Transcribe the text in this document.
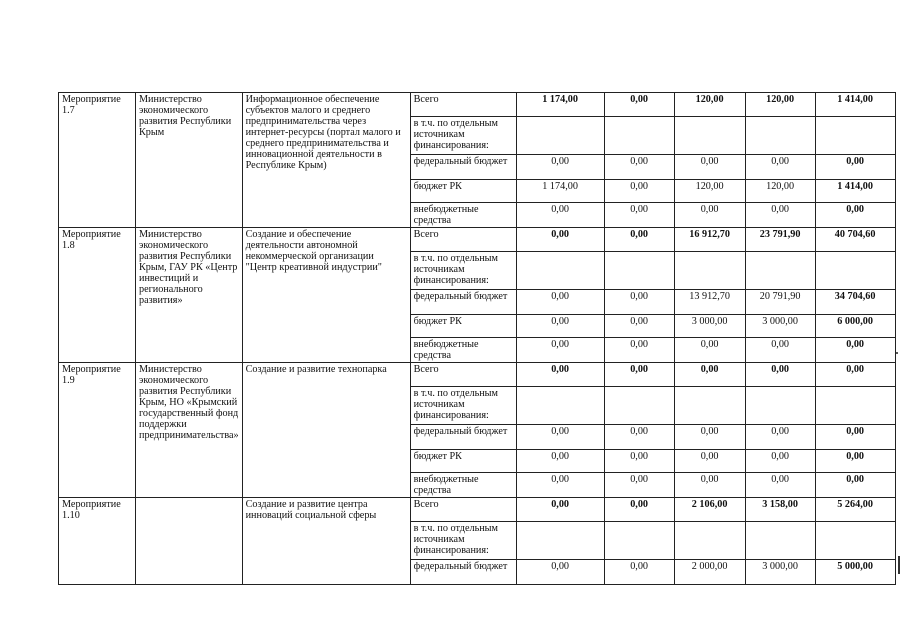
Мероприятие 1.7	Министерство экономического развития Республики Крым	Информационное обеспечение субъектов малого и среднего предпринимательства через интернет-ресурсы (портал малого и среднего предпринимательства и инновационной деятельности в Республике Крым)	Всего	1 174,00	0,00	120,00	120,00	1 414,00
			в т.ч. по отдельным источникам финансирования:					
			федеральный бюджет	0,00	0,00	0,00	0,00	0,00
			бюджет РК	1 174,00	0,00	120,00	120,00	1 414,00
			внебюджетные средства	0,00	0,00	0,00	0,00	0,00
Мероприятие 1.8	Министерство экономического развития Республики Крым, ГАУ РК «Центр инвестиций и регионального развития»	Создание и обеспечение деятельности автономной некоммерческой организации "Центр креативной индустрии"	Всего	0,00	0,00	16 912,70	23 791,90	40 704,60
			в т.ч. по отдельным источникам финансирования:					
			федеральный бюджет	0,00	0,00	13 912,70	20 791,90	34 704,60
			бюджет РК	0,00	0,00	3 000,00	3 000,00	6 000,00
			внебюджетные средства	0,00	0,00	0,00	0,00	0,00
Мероприятие 1.9	Министерство экономического развития Республики Крым, НО «Крымский государственный фонд поддержки предпринимательства»	Создание и развитие технопарка	Всего	0,00	0,00	0,00	0,00	0,00
			в т.ч. по отдельным источникам финансирования:					
			федеральный бюджет	0,00	0,00	0,00	0,00	0,00
			бюджет РК	0,00	0,00	0,00	0,00	0,00
			внебюджетные средства	0,00	0,00	0,00	0,00	0,00
Мероприятие 1.10		Создание и развитие центра инноваций социальной сферы	Всего	0,00	0,00	2 106,00	3 158,00	5 264,00
			в т.ч. по отдельным источникам финансирования:					
			федеральный бюджет	0,00	0,00	2 000,00	3 000,00	5 000,00
